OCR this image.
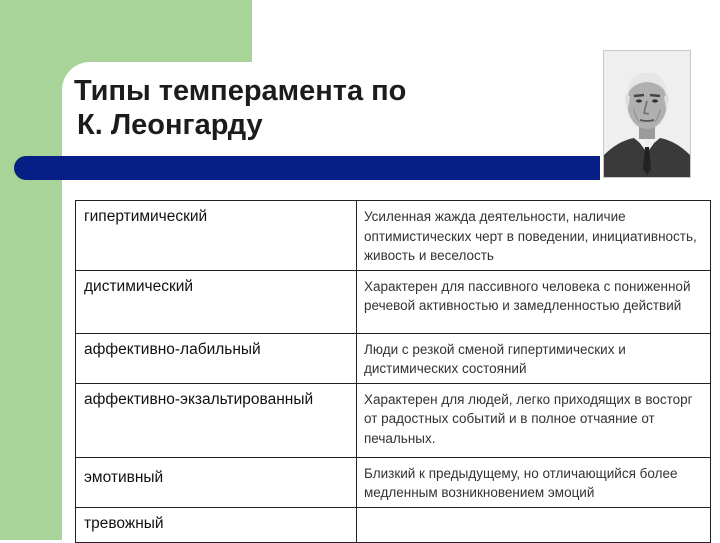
Типы темперамента по
К. Леонгарду
гипертимический	Усиленная жажда деятельности, наличие оптимистических черт в поведении, инициативность, живость и веселость
дистимический	Характерен для пассивного человека с пониженной речевой активностью и замедленностью действий
аффективно-лабильный	Люди с резкой сменой гипертимических и дистимических состояний
аффективно-экзальтированный	Характерен для людей, легко приходящих в восторг от радостных событий и в полное отчаяние от печальных.
эмотивный	Близкий к предыдущему, но отличающийся более медленным возникновением эмоций
тревожный	
